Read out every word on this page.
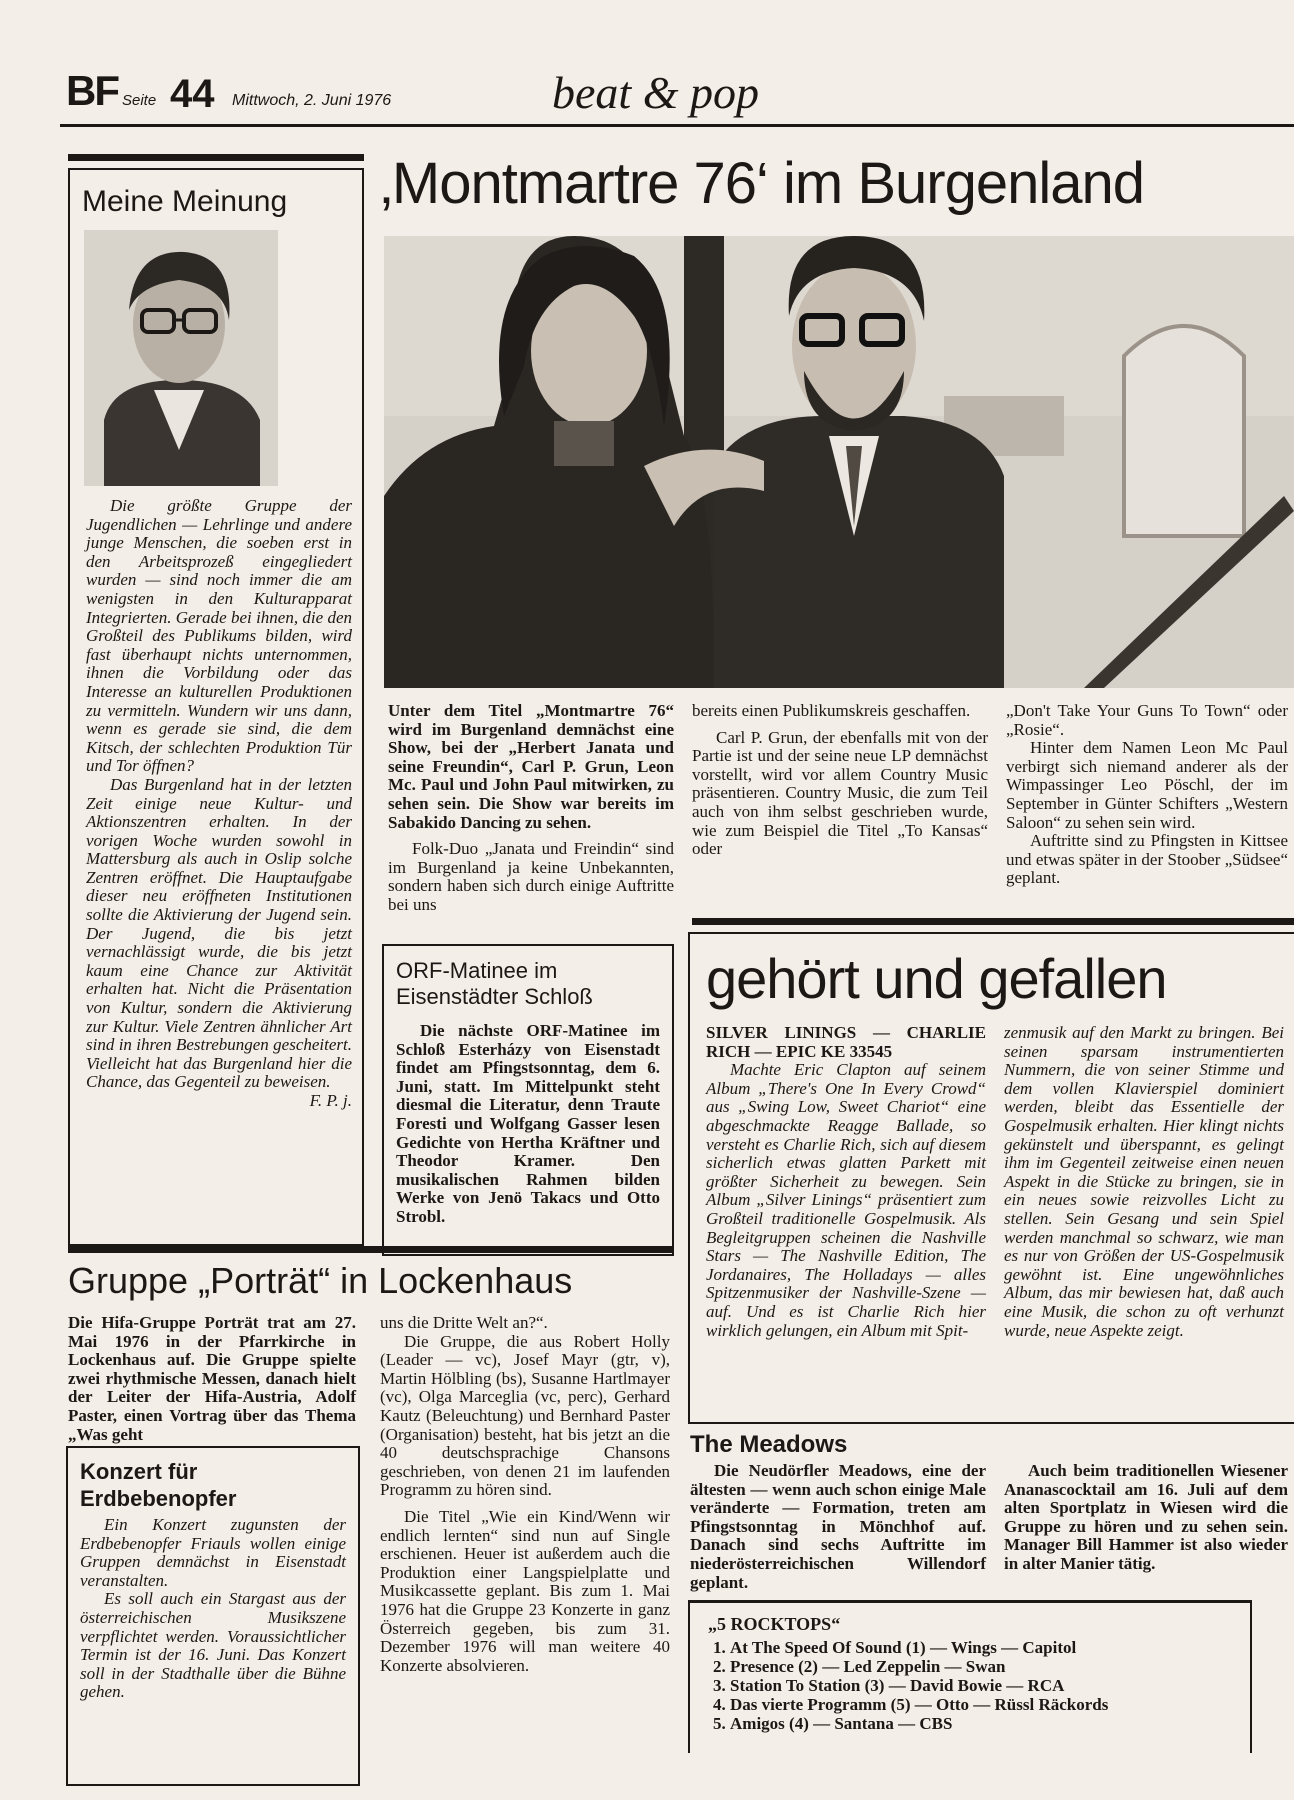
BF Seite 44 Mittwoch, 2. Juni 1976	beat & pop
Meine Meinung

Die größte Gruppe der Jugendlichen — Lehrlinge und andere junge Menschen, die soeben erst in den Arbeitsprozeß eingegliedert wurden — sind noch immer die am wenigsten in den Kulturapparat Integrierten. Gerade bei ihnen, die den Großteil des Publikums bilden, wird fast überhaupt nichts unternommen, ihnen die Vorbildung oder das Interesse an kulturellen Produktionen zu vermitteln. Wundern wir uns dann, wenn es gerade sie sind, die dem Kitsch, der schlechten Produktion Tür und Tor öffnen?

Das Burgenland hat in der letzten Zeit einige neue Kultur- und Aktionszentren erhalten. In der vorigen Woche wurden sowohl in Mattersburg als auch in Oslip solche Zentren eröffnet. Die Hauptaufgabe dieser neu eröffneten Institutionen sollte die Aktivierung der Jugend sein. Der Jugend, die bis jetzt vernachlässigt wurde, die bis jetzt kaum eine Chance zur Aktivität erhalten hat. Nicht die Präsentation von Kultur, sondern die Aktivierung zur Kultur. Viele Zentren ähnlicher Art sind in ihren Bestrebungen gescheitert. Vielleicht hat das Burgenland hier die Chance, das Gegenteil zu beweisen.

F. P. j.

‚Montmartre 76‘ im Burgenland

Unter dem Titel „Montmartre 76“ wird im Burgenland demnächst eine Show, bei der „Herbert Janata und seine Freundin“, Carl P. Grun, Leon Mc. Paul und John Paul mitwirken, zu sehen sein. Die Show war bereits im Sabakido Dancing zu sehen.

Folk-Duo „Janata und Freindin“ sind im Burgenland ja keine Unbekannten, sondern haben sich durch einige Auftritte bei uns

bereits einen Publikumskreis geschaffen.

Carl P. Grun, der ebenfalls mit von der Partie ist und der seine neue LP demnächst vorstellt, wird vor allem Country Music präsentieren. Country Music, die zum Teil auch von ihm selbst geschrieben wurde, wie zum Beispiel die Titel „To Kansas“ oder

„Don't Take Your Guns To Town“ oder „Rosie“.

Hinter dem Namen Leon Mc Paul verbirgt sich niemand anderer als der Wimpassinger Leo Pöschl, der im September in Günter Schifters „Western Saloon“ zu sehen sein wird.

Auftritte sind zu Pfingsten in Kittsee und etwas später in der Stoober „Südsee“ geplant.

ORF-Matinee im
Eisenstädter Schloß

Die nächste ORF-Matinee im Schloß Esterházy von Eisenstadt findet am Pfingstsonntag, dem 6. Juni, statt. Im Mittelpunkt steht diesmal die Literatur, denn Traute Foresti und Wolfgang Gasser lesen Gedichte von Hertha Kräftner und Theodor Kramer. Den musikalischen Rahmen bilden Werke von Jenö Takacs und Otto Strobl.

gehört und gefallen

SILVER LININGS — CHARLIE RICH — EPIC KE 33545

Machte Eric Clapton auf seinem Album „There's One In Every Crowd“ aus „Swing Low, Sweet Chariot“ eine abgeschmackte Reagge Ballade, so versteht es Charlie Rich, sich auf diesem sicherlich etwas glatten Parkett mit größter Sicherheit zu bewegen. Sein Album „Silver Linings“ präsentiert zum Großteil traditionelle Gospelmusik. Als Begleitgruppen scheinen die Nashville Stars — The Nashville Edition, The Jordanaires, The Holladays — alles Spitzenmusiker der Nashville-Szene — auf. Und es ist Charlie Rich hier wirklich gelungen, ein Album mit Spit-

zenmusik auf den Markt zu bringen. Bei seinen sparsam instrumentierten Nummern, die von seiner Stimme und dem vollen Klavierspiel dominiert werden, bleibt das Essentielle der Gospelmusik erhalten. Hier klingt nichts gekünstelt und überspannt, es gelingt ihm im Gegenteil zeitweise einen neuen Aspekt in die Stücke zu bringen, sie in ein neues sowie reizvolles Licht zu stellen. Sein Gesang und sein Spiel werden manchmal so schwarz, wie man es nur von Größen der US-Gospelmusik gewöhnt ist. Eine ungewöhnliches Album, das mir bewiesen hat, daß auch eine Musik, die schon zu oft verhunzt wurde, neue Aspekte zeigt.

Gruppe „Porträt“ in Lockenhaus

Die Hifa-Gruppe Porträt trat am 27. Mai 1976 in der Pfarrkirche in Lockenhaus auf. Die Gruppe spielte zwei rhythmische Messen, danach hielt der Leiter der Hifa-Austria, Adolf Paster, einen Vortrag über das Thema „Was geht

uns die Dritte Welt an?“.

Die Gruppe, die aus Robert Holly (Leader — vc), Josef Mayr (gtr, v), Martin Hölbling (bs), Susanne Hartlmayer (vc), Olga Marceglia (vc, perc), Gerhard Kautz (Beleuchtung) und Bernhard Paster (Organisation) besteht, hat bis jetzt an die 40 deutschsprachige Chansons geschrieben, von denen 21 im laufenden Programm zu hören sind.

Die Titel „Wie ein Kind/Wenn wir endlich lernten“ sind nun auf Single erschienen. Heuer ist außerdem auch die Produktion einer Langspielplatte und Musikcassette geplant. Bis zum 1. Mai 1976 hat die Gruppe 23 Konzerte in ganz Österreich gegeben, bis zum 31. Dezember 1976 will man weitere 40 Konzerte absolvieren.

Konzert für
Erdbebenopfer

Ein Konzert zugunsten der Erdbebenopfer Friauls wollen einige Gruppen demnächst in Eisenstadt veranstalten.

Es soll auch ein Stargast aus der österreichischen Musikszene verpflichtet werden. Voraussichtlicher Termin ist der 16. Juni. Das Konzert soll in der Stadthalle über die Bühne gehen.

The Meadows

Die Neudörfler Meadows, eine der ältesten — wenn auch schon einige Male veränderte — Formation, treten am Pfingstsonntag in Mönchhof auf. Danach sind sechs Auftritte im niederösterreichischen Willendorf geplant.

Auch beim traditionellen Wiesener Ananascocktail am 16. Juli auf dem alten Sportplatz in Wiesen wird die Gruppe zu hören und zu sehen sein. Manager Bill Hammer ist also wieder in alter Manier tätig.

„5 ROCKTOPS“
1. At The Speed Of Sound (1) — Wings — Capitol
2. Presence (2) — Led Zeppelin — Swan
3. Station To Station (3) — David Bowie — RCA
4. Das vierte Programm (5) — Otto — Rüssl Räckords
5. Amigos (4) — Santana — CBS
